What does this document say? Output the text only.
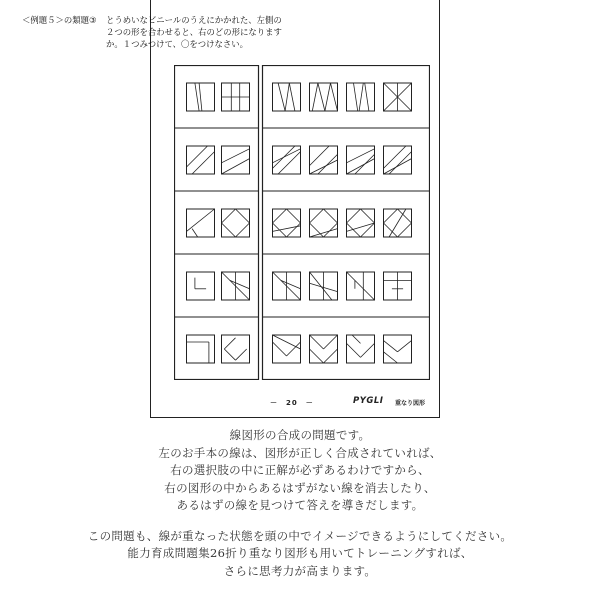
＜例題５＞の類題③ とうめいなビニールのうえにかかれた、左側の２つの形を合わせると、右のどの形になりますか。１つみつけて、〇をつけなさい。
－　20　－	PYGLI 重なり図形
線図形の合成の問題です。
左のお手本の線は、図形が正しく合成されていれば、
右の選択肢の中に正解が必ずあるわけですから、
右の図形の中からあるはずがない線を消去したり、
あるはずの線を見つけて答えを導きだします。
この問題も、線が重なった状態を頭の中でイメージできるようにしてください。
能力育成問題集26折り重なり図形も用いてトレーニングすれば、
さらに思考力が高まります。
